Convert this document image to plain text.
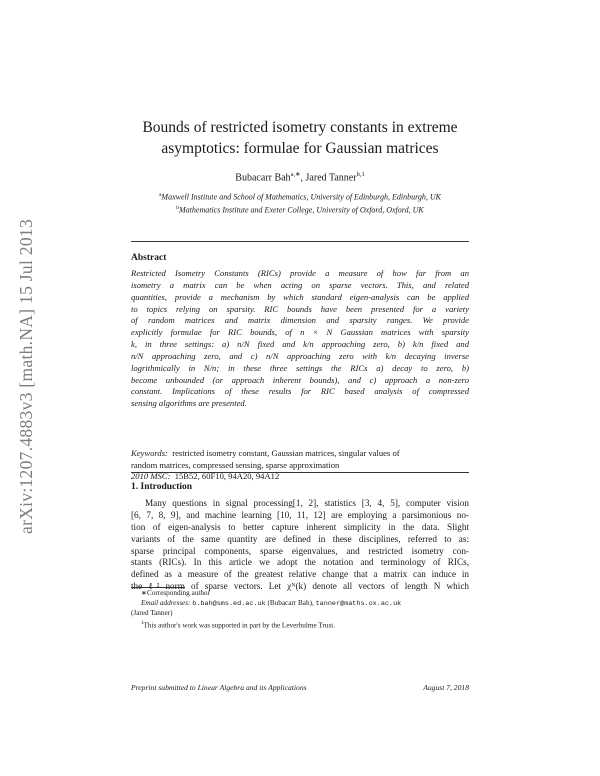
arXiv:1207.4883v3 [math.NA] 15 Jul 2013
Bounds of restricted isometry constants in extreme
asymptotics: formulae for Gaussian matrices
Bubacarr Bah$^{a,∗}$, Jared Tanner$^{b,1}$
$^a$Maxwell Institute and School of Mathematics, University of Edinburgh, Edinburgh, UK
$^b$Mathematics Institute and Exeter College, University of Oxford, Oxford, UK
Abstract
Restricted Isometry Constants (RICs) provide a measure of how far from an
isometry a matrix can be when acting on sparse vectors. This, and related
quantities, provide a mechanism by which standard eigen-analysis can be applied
to topics relying on sparsity. RIC bounds have been presented for a variety
of random matrices and matrix dimension and sparsity ranges. We provide
explicitly formulae for RIC bounds, of n × N Gaussian matrices with sparsity
k, in three settings: a) n/N fixed and k/n approaching zero, b) k/n fixed and
n/N approaching zero, and c) n/N approaching zero with k/n decaying inverse
logrithmically in N/n; in these three settings the RICs a) decay to zero, b)
become unbounded (or approach inherent bounds), and c) approach a non-zero
constant. Implications of these results for RIC based analysis of compressed
sensing algorithms are presented.
Keywords: restricted isometry constant, Gaussian matrices, singular values of
random matrices, compressed sensing, sparse approximation
2010 MSC: 15B52, 60F10, 94A20, 94A12
1. Introduction
Many questions in signal processing[1, 2], statistics [3, 4, 5], computer vision
[6, 7, 8, 9], and machine learning [10, 11, 12] are employing a parsimonious no-
tion of eigen-analysis to better capture inherent simplicity in the data. Slight
variants of the same quantity are defined in these disciplines, referred to as:
sparse principal components, sparse eigenvalues, and restricted isometry con-
stants (RICs). In this article we adopt the notation and terminology of RICs,
defined as a measure of the greatest relative change that a matrix can induce in
the ℓ² norm of sparse vectors. Let χᴺ(k) denote all vectors of length N which
∗Corresponding author
Email addresses: b.bah@sms.ed.ac.uk (Bubacarr Bah), tanner@maths.ox.ac.uk
(Jared Tanner)
$^1$This author's work was supported in part by the Leverhulme Trust.
Preprint submitted to Linear Algebra and its Applications	August 7, 2018
